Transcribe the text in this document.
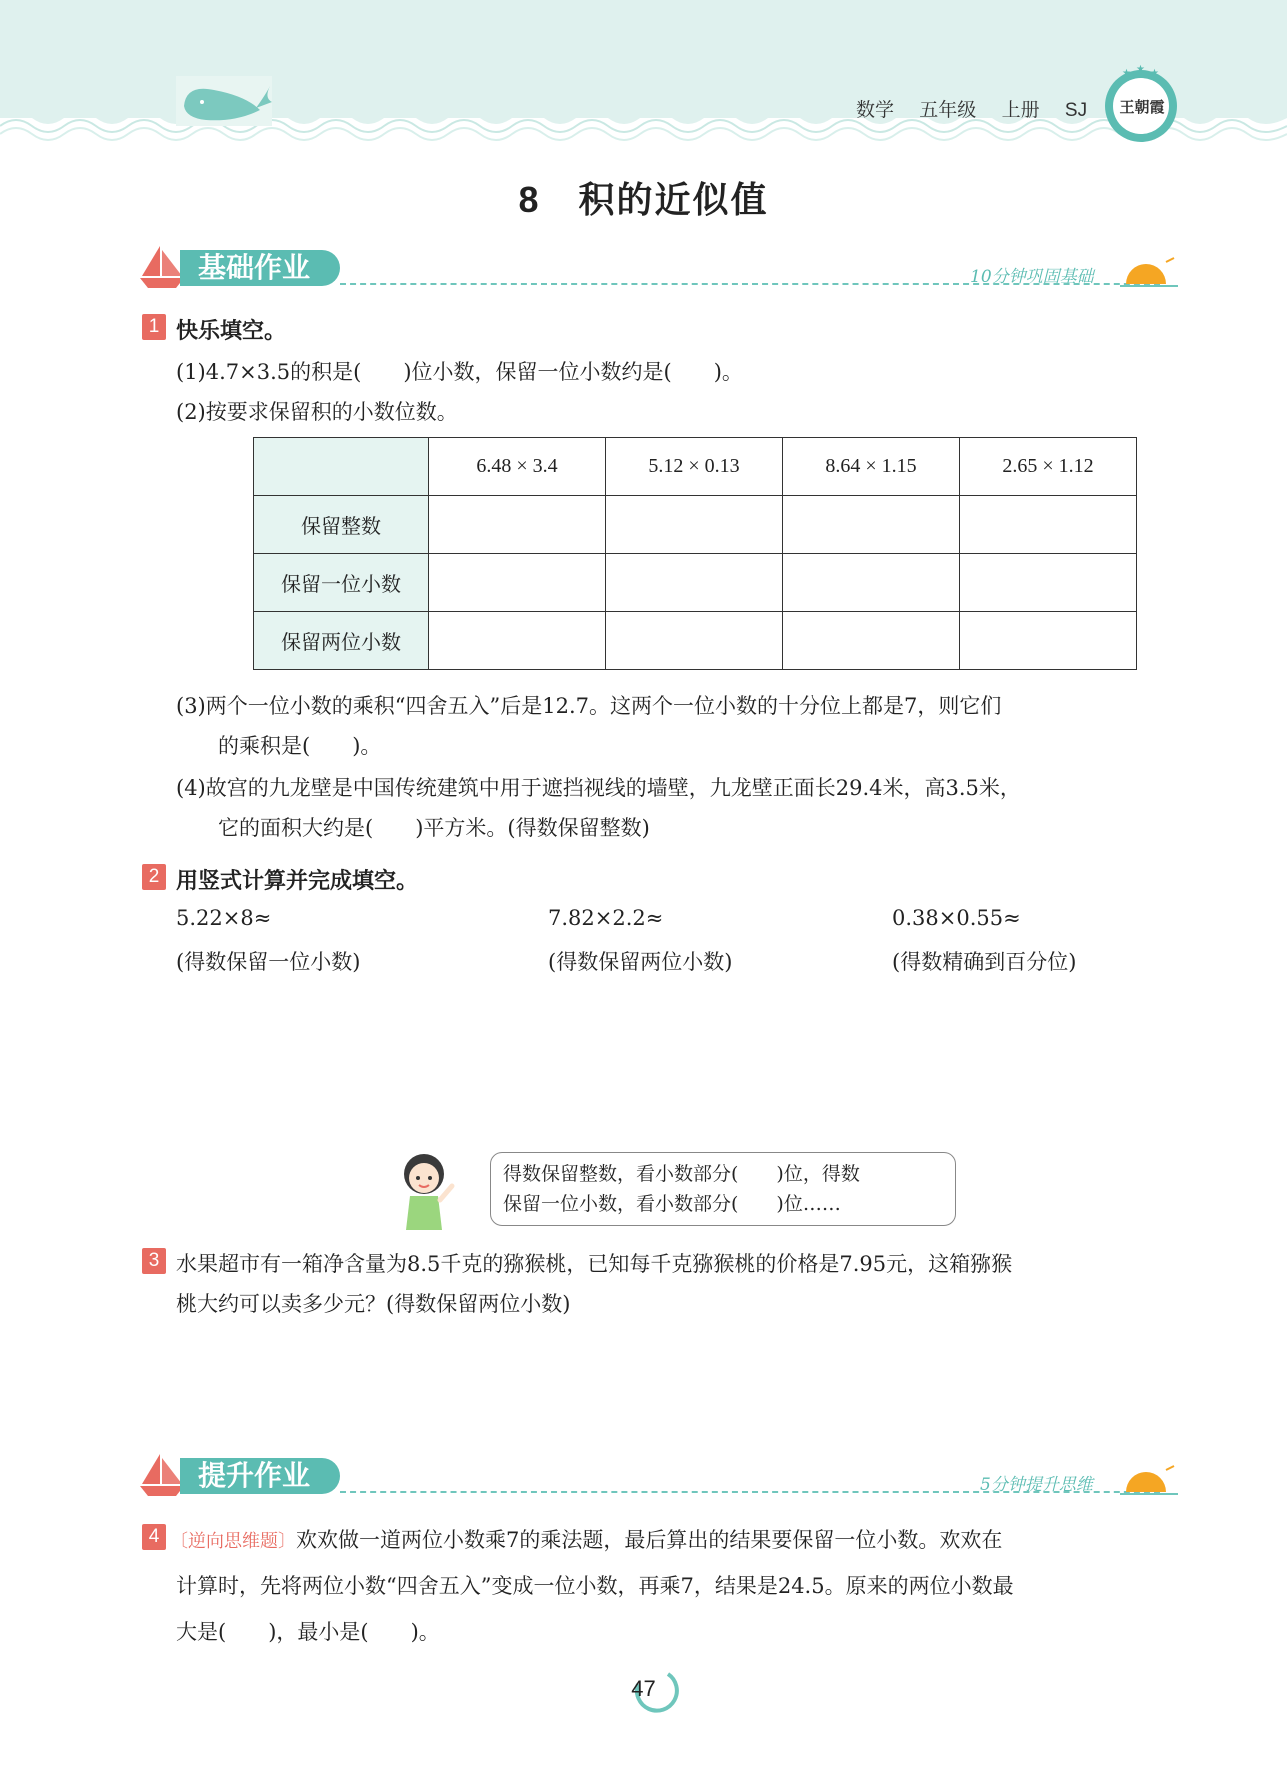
数学 五年级 上册 SJ
★ ★ ★
王朝霞
8　积的近似值
基础作业	10分钟巩固基础
1 快乐填空。
(1)4.7×3.5的积是(　　)位小数，保留一位小数约是(　　)。
(2)按要求保留积的小数位数。
	6.48 × 3.4	5.12 × 0.13	8.64 × 1.15	2.65 × 1.12
保留整数				
保留一位小数				
保留两位小数				
(3)两个一位小数的乘积“四舍五入”后是12.7。这两个一位小数的十分位上都是7，则它们
的乘积是(　　)。
(4)故宫的九龙壁是中国传统建筑中用于遮挡视线的墙壁，九龙壁正面长29.4米，高3.5米，
它的面积大约是(　　)平方米。(得数保留整数)
2 用竖式计算并完成填空。
5.22×8≈
(得数保留一位小数)
7.82×2.2≈
(得数保留两位小数)
0.38×0.55≈
(得数精确到百分位)
得数保留整数，看小数部分(　　)位，得数
保留一位小数，看小数部分(　　)位……
3 水果超市有一箱净含量为8.5千克的猕猴桃，已知每千克猕猴桃的价格是7.95元，这箱猕猴
桃大约可以卖多少元？(得数保留两位小数)
提升作业	5分钟提升思维
4 〔逆向思维题〕欢欢做一道两位小数乘7的乘法题，最后算出的结果要保留一位小数。欢欢在
计算时，先将两位小数“四舍五入”变成一位小数，再乘7，结果是24.5。原来的两位小数最
大是(　　)，最小是(　　)。
47
